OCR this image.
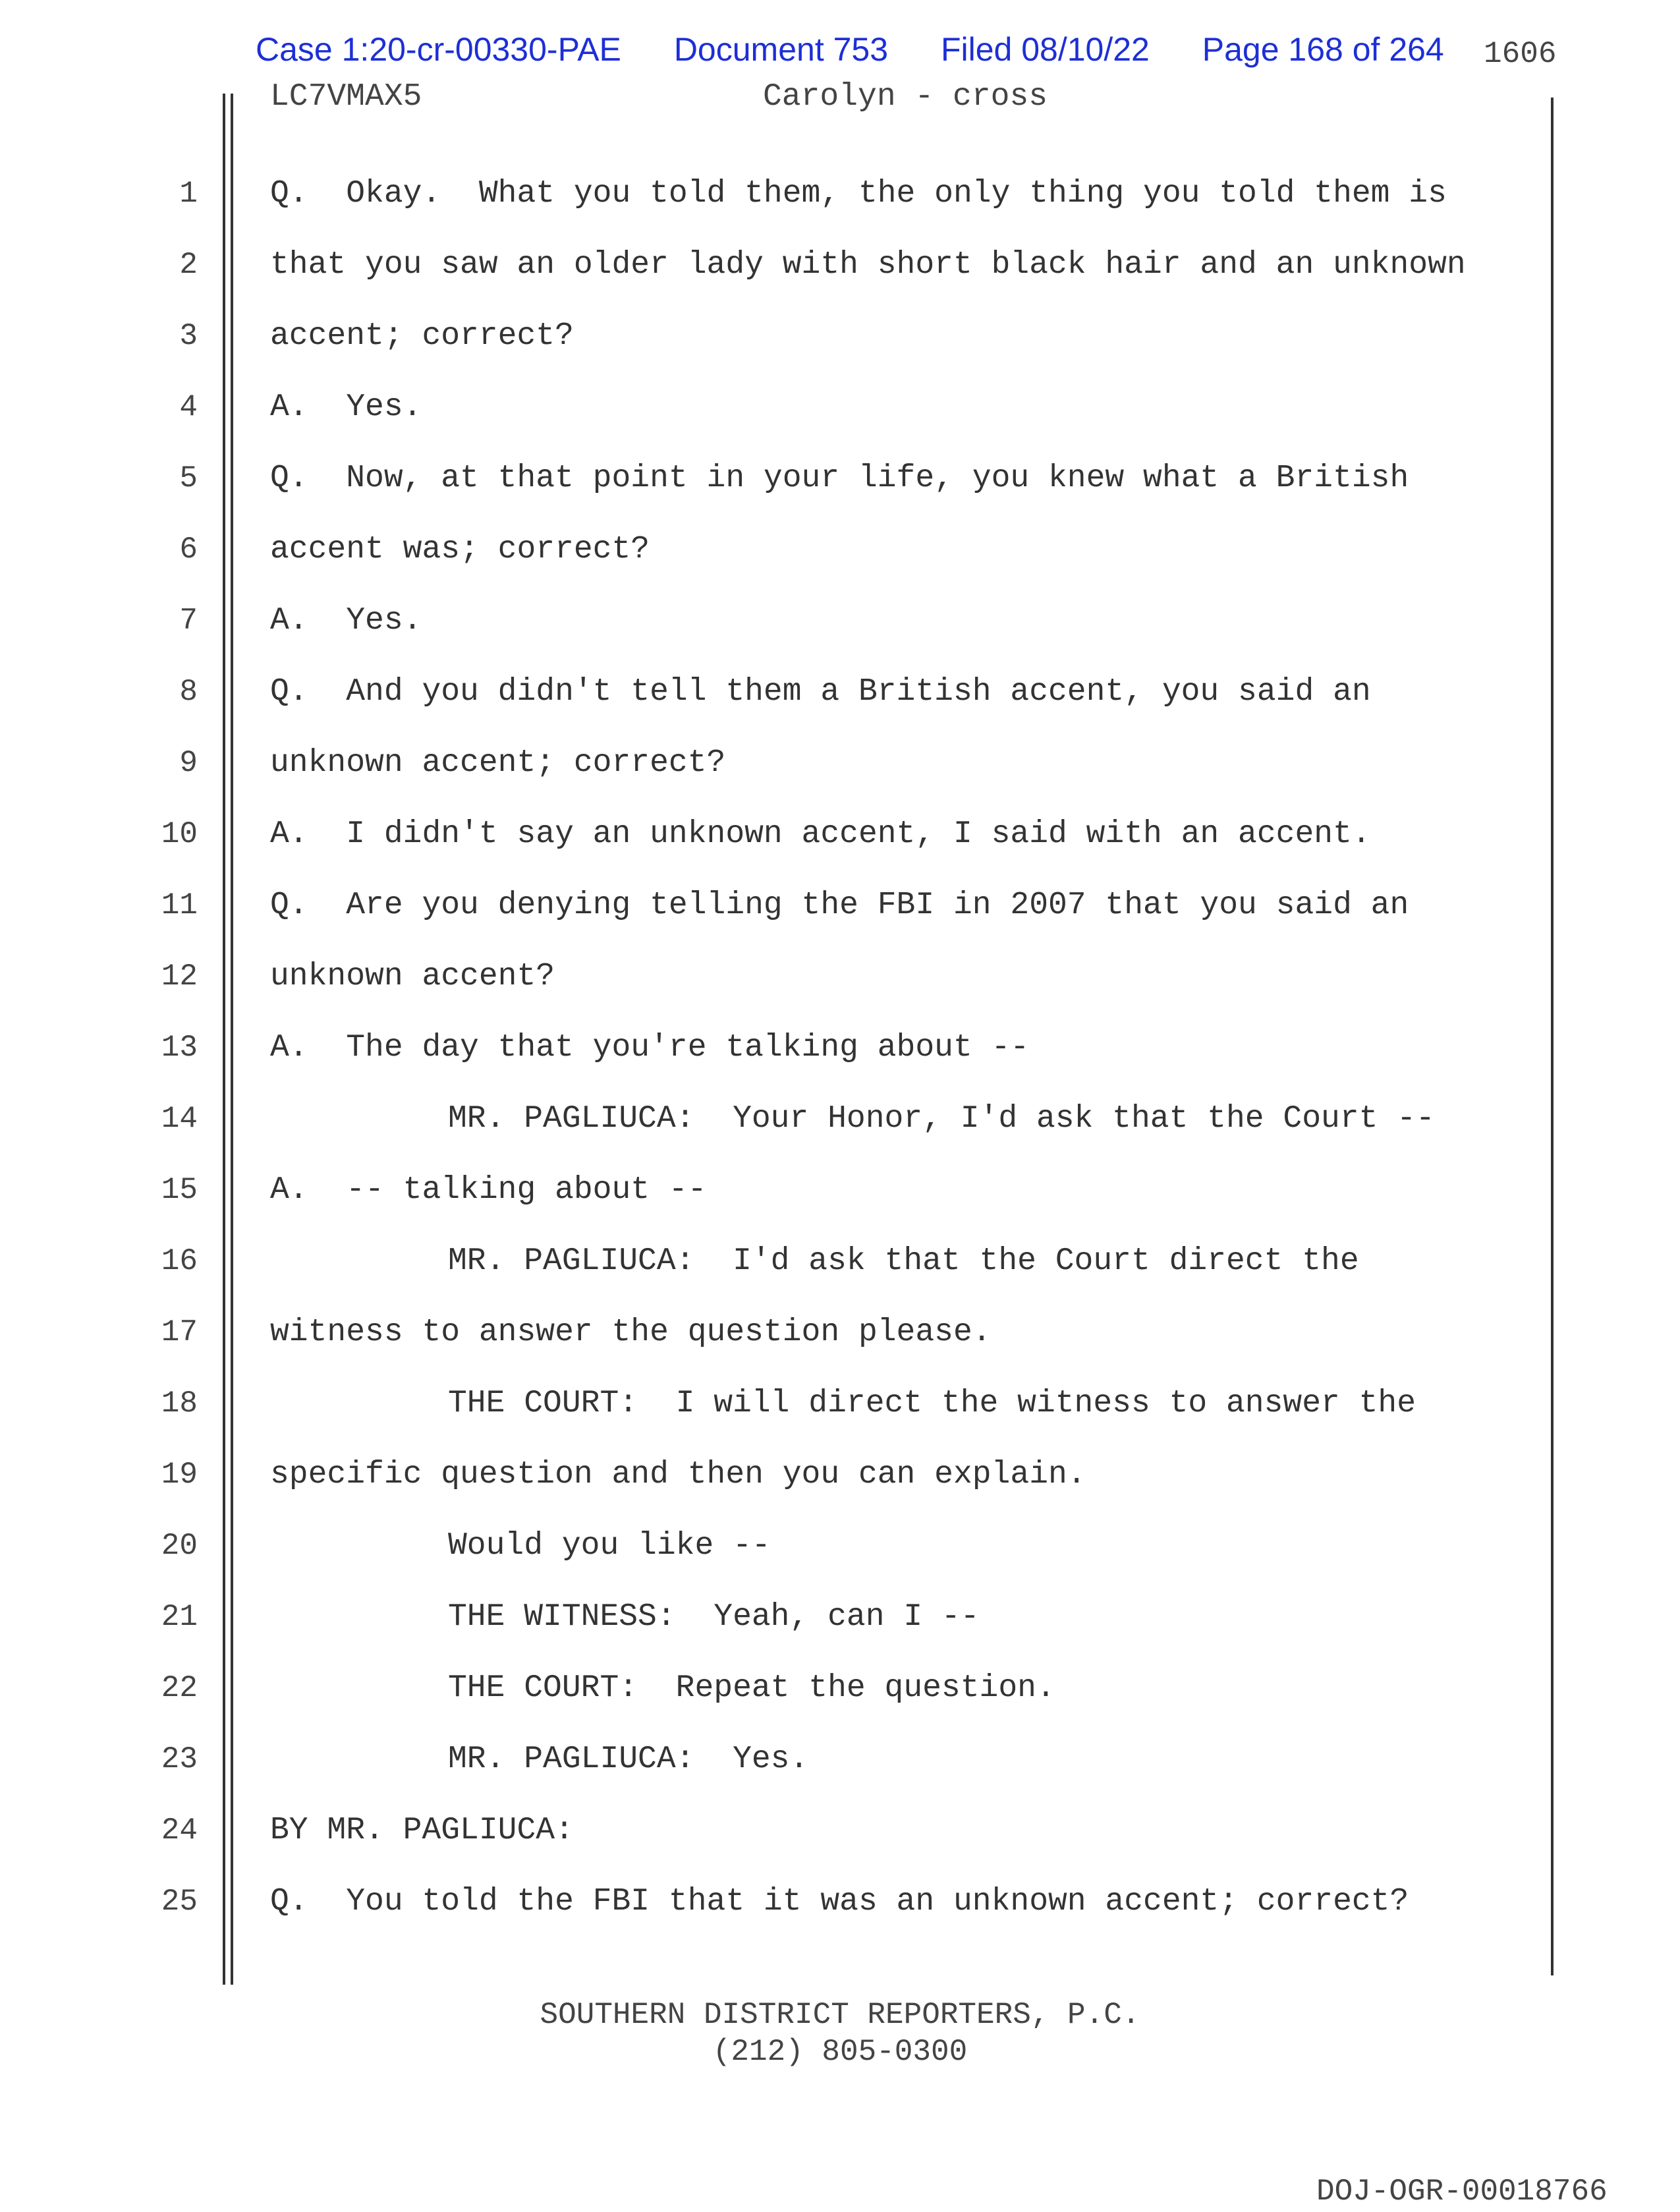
Case 1:20-cr-00330-PAE Document 753 Filed 08/10/22 Page 168 of 264 1606
LC7VMAX5	Carolyn - cross
1
2
3
4
5
6
7
8
9
10
11
12
13
14
15
16
17
18
19
20
21
22
23
24
25
Q.  Okay.  What you told them, the only thing you told them is
that you saw an older lady with short black hair and an unknown
accent; correct?
A.  Yes.
Q.  Now, at that point in your life, you knew what a British
accent was; correct?
A.  Yes.
Q.  And you didn't tell them a British accent, you said an
unknown accent; correct?
A.  I didn't say an unknown accent, I said with an accent.
Q.  Are you denying telling the FBI in 2007 that you said an
unknown accent?
A.  The day that you're talking about --
MR. PAGLIUCA:  Your Honor, I'd ask that the Court --
A.  -- talking about --
MR. PAGLIUCA:  I'd ask that the Court direct the
witness to answer the question please.
THE COURT:  I will direct the witness to answer the
specific question and then you can explain.
Would you like --
THE WITNESS:  Yeah, can I --
THE COURT:  Repeat the question.
MR. PAGLIUCA:  Yes.
BY MR. PAGLIUCA:
Q.  You told the FBI that it was an unknown accent; correct?
SOUTHERN DISTRICT REPORTERS, P.C.
(212) 805-0300
DOJ-OGR-00018766
